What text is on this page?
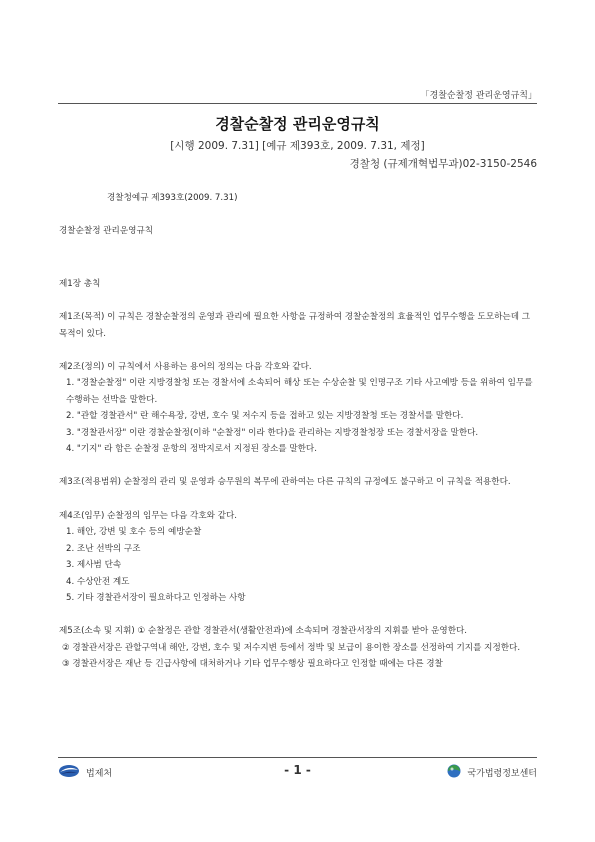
「경찰순찰정 관리운영규칙」
경찰순찰정 관리운영규칙
[시행 2009. 7.31] [예규 제393호, 2009. 7.31, 제정]
경찰청 (규제개혁법무과)02-3150-2546

경찰청예규 제393호(2009. 7.31)

경찰순찰정 관리운영규칙

제1장 총칙

제1조(목적) 이 규칙은 경찰순찰정의 운영과 관리에 필요한 사항을 규정하여 경찰순찰정의 효율적인 업무수행을 도모하는데 그 목적이 있다.

제2조(정의) 이 규칙에서 사용하는 용어의 정의는 다음 각호와 같다.

1. "경찰순찰정" 이란 지방경찰청 또는 경찰서에 소속되어 해상 또는 수상순찰 및 인명구조 기타 사고예방 등을 위하여 임무를 수행하는 선박을 말한다.

2. "관할 경찰관서" 란 해수욕장, 강변, 호수 및 저수지 등을 접하고 있는 지방경찰청 또는 경찰서를 말한다.

3. "경찰관서장" 이란 경찰순찰정(이하 "순찰정" 이라 한다)을 관리하는 지방경찰청장 또는 경찰서장을 말한다.

4. "기지" 라 함은 순찰정 운항의 정박지로서 지정된 장소를 말한다.

제3조(적용범위) 순찰정의 관리 및 운영과 승무원의 복무에 관하여는 다른 규칙의 규정에도 불구하고 이 규칙을 적용한다.

제4조(임무) 순찰정의 임무는 다음 각호와 같다.

1. 해안, 강변 및 호수 등의 예방순찰

2. 조난 선박의 구조

3. 제사범 단속

4. 수상안전 계도

5. 기타 경찰관서장이 필요하다고 인정하는 사항

제5조(소속 및 지휘) ① 순찰정은 관할 경찰관서(생활안전과)에 소속되며 경찰관서장의 지휘를 받아 운영한다.

② 경찰관서장은 관할구역내 해안, 강변, 호수 및 저수지변 등에서 정박 및 보급이 용이한 장소를 선정하여 기지를 지정한다.

③ 경찰관서장은 재난 등 긴급사항에 대처하거나 기타 업무수행상 필요하다고 인정할 때에는 다른 경찰

법제처	- 1 -	국가법령정보센터
